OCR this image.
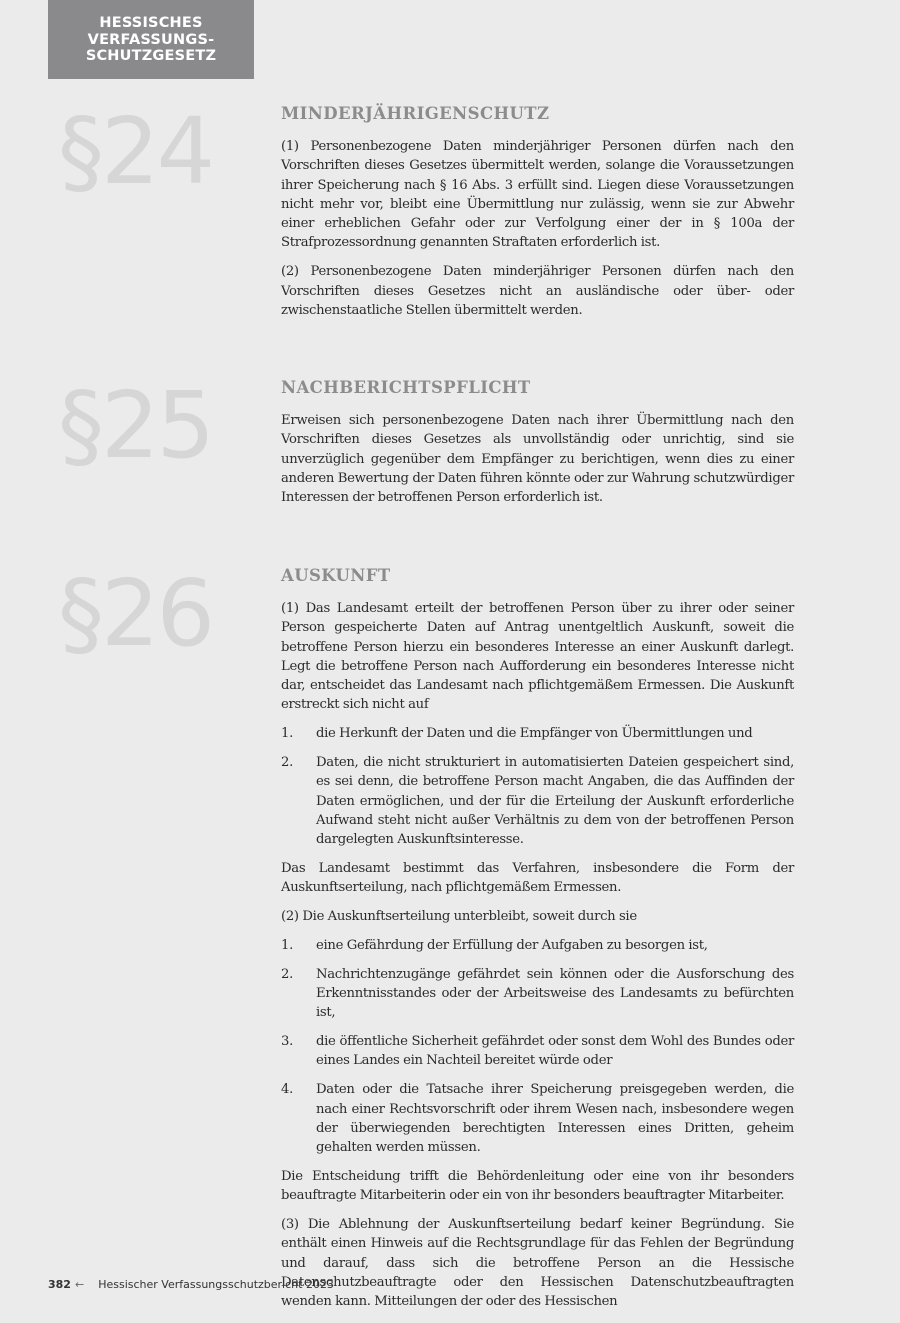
HESSISCHES
VERFASSUNGS-
SCHUTZGESETZ
§24	MINDERJÄHRIGENSCHUTZ

(1) Personenbezogene Daten minderjähriger Personen dürfen nach den Vorschriften dieses Gesetzes übermittelt werden, solange die Voraussetzungen ihrer Speicherung nach § 16 Abs. 3 erfüllt sind. Liegen diese Voraussetzungen nicht mehr vor, bleibt eine Übermittlung nur zulässig, wenn sie zur Abwehr einer erheblichen Gefahr oder zur Verfolgung einer der in § 100a der Strafprozessordnung genannten Straftaten erforderlich ist.

(2) Personenbezogene Daten minderjähriger Personen dürfen nach den Vorschriften dieses Gesetzes nicht an ausländische oder über- oder zwischenstaatliche Stellen übermittelt werden.

§25	NACHBERICHTSPFLICHT

Erweisen sich personenbezogene Daten nach ihrer Übermittlung nach den Vorschriften dieses Gesetzes als unvollständig oder unrichtig, sind sie unverzüglich gegenüber dem Empfänger zu berichtigen, wenn dies zu einer anderen Bewertung der Daten führen könnte oder zur Wahrung schutzwürdiger Interessen der betroffenen Person erforderlich ist.

§26	AUSKUNFT

(1) Das Landesamt erteilt der betroffenen Person über zu ihrer oder seiner Person gespeicherte Daten auf Antrag unentgeltlich Auskunft, soweit die betroffene Person hierzu ein besonderes Interesse an einer Auskunft darlegt. Legt die betroffene Person nach Aufforderung ein besonderes Interesse nicht dar, entscheidet das Landesamt nach pflichtgemäßem Ermessen. Die Auskunft erstreckt sich nicht auf

1.	die Herkunft der Daten und die Empfänger von Übermittlungen und
2.	Daten, die nicht strukturiert in automatisierten Dateien gespeichert sind, es sei denn, die betroffene Person macht Angaben, die das Auffinden der Daten ermöglichen, und der für die Erteilung der Auskunft erforderliche Aufwand steht nicht außer Verhältnis zu dem von der betroffenen Person dargelegten Auskunftsinteresse.

Das Landesamt bestimmt das Verfahren, insbesondere die Form der Auskunftserteilung, nach pflichtgemäßem Ermessen.

(2) Die Auskunftserteilung unterbleibt, soweit durch sie

1.	eine Gefährdung der Erfüllung der Aufgaben zu besorgen ist,
2.	Nachrichtenzugänge gefährdet sein können oder die Ausforschung des Erkenntnisstandes oder der Arbeitsweise des Landesamts zu befürchten ist,
3.	die öffentliche Sicherheit gefährdet oder sonst dem Wohl des Bundes oder eines Landes ein Nachteil bereitet würde oder
4.	Daten oder die Tatsache ihrer Speicherung preisgegeben werden, die nach einer Rechtsvorschrift oder ihrem Wesen nach, insbesondere wegen der überwiegenden berechtigten Interessen eines Dritten, geheim gehalten werden müssen.

Die Entscheidung trifft die Behördenleitung oder eine von ihr besonders beauftragte Mitarbeiterin oder ein von ihr besonders beauftragter Mitarbeiter.

(3) Die Ablehnung der Auskunftserteilung bedarf keiner Begründung. Sie enthält einen Hinweis auf die Rechtsgrundlage für das Fehlen der Begründung und darauf, dass sich die betroffene Person an die Hessische Datenschutzbeauftragte oder den Hessischen Datenschutzbeauftragten wenden kann. Mitteilungen der oder des Hessischen

382 ← Hessischer Verfassungsschutzbericht 2023
